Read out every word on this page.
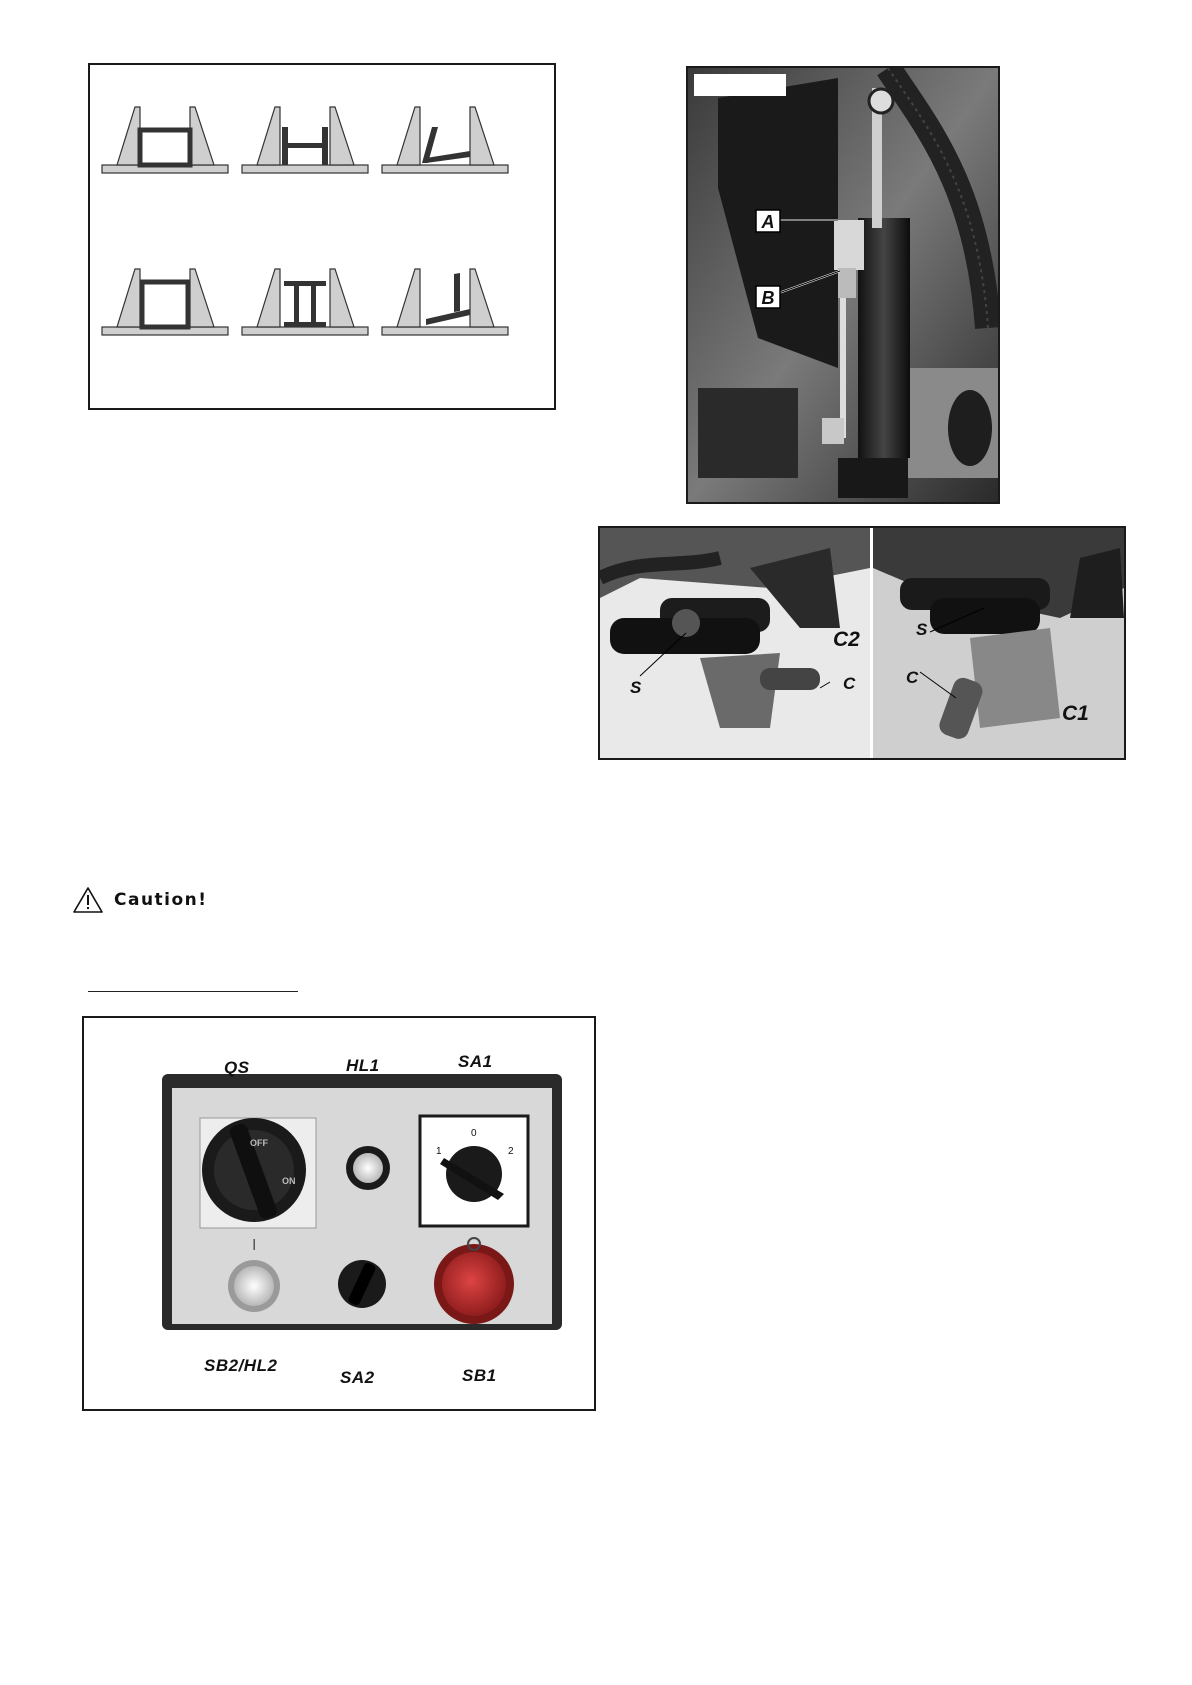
A
B
C2
S	C
S
C
C1
Caution!
OFF
ON
0
1	2
I
QS	HL1	SA1
SB2/HL2
SA2	SB1
